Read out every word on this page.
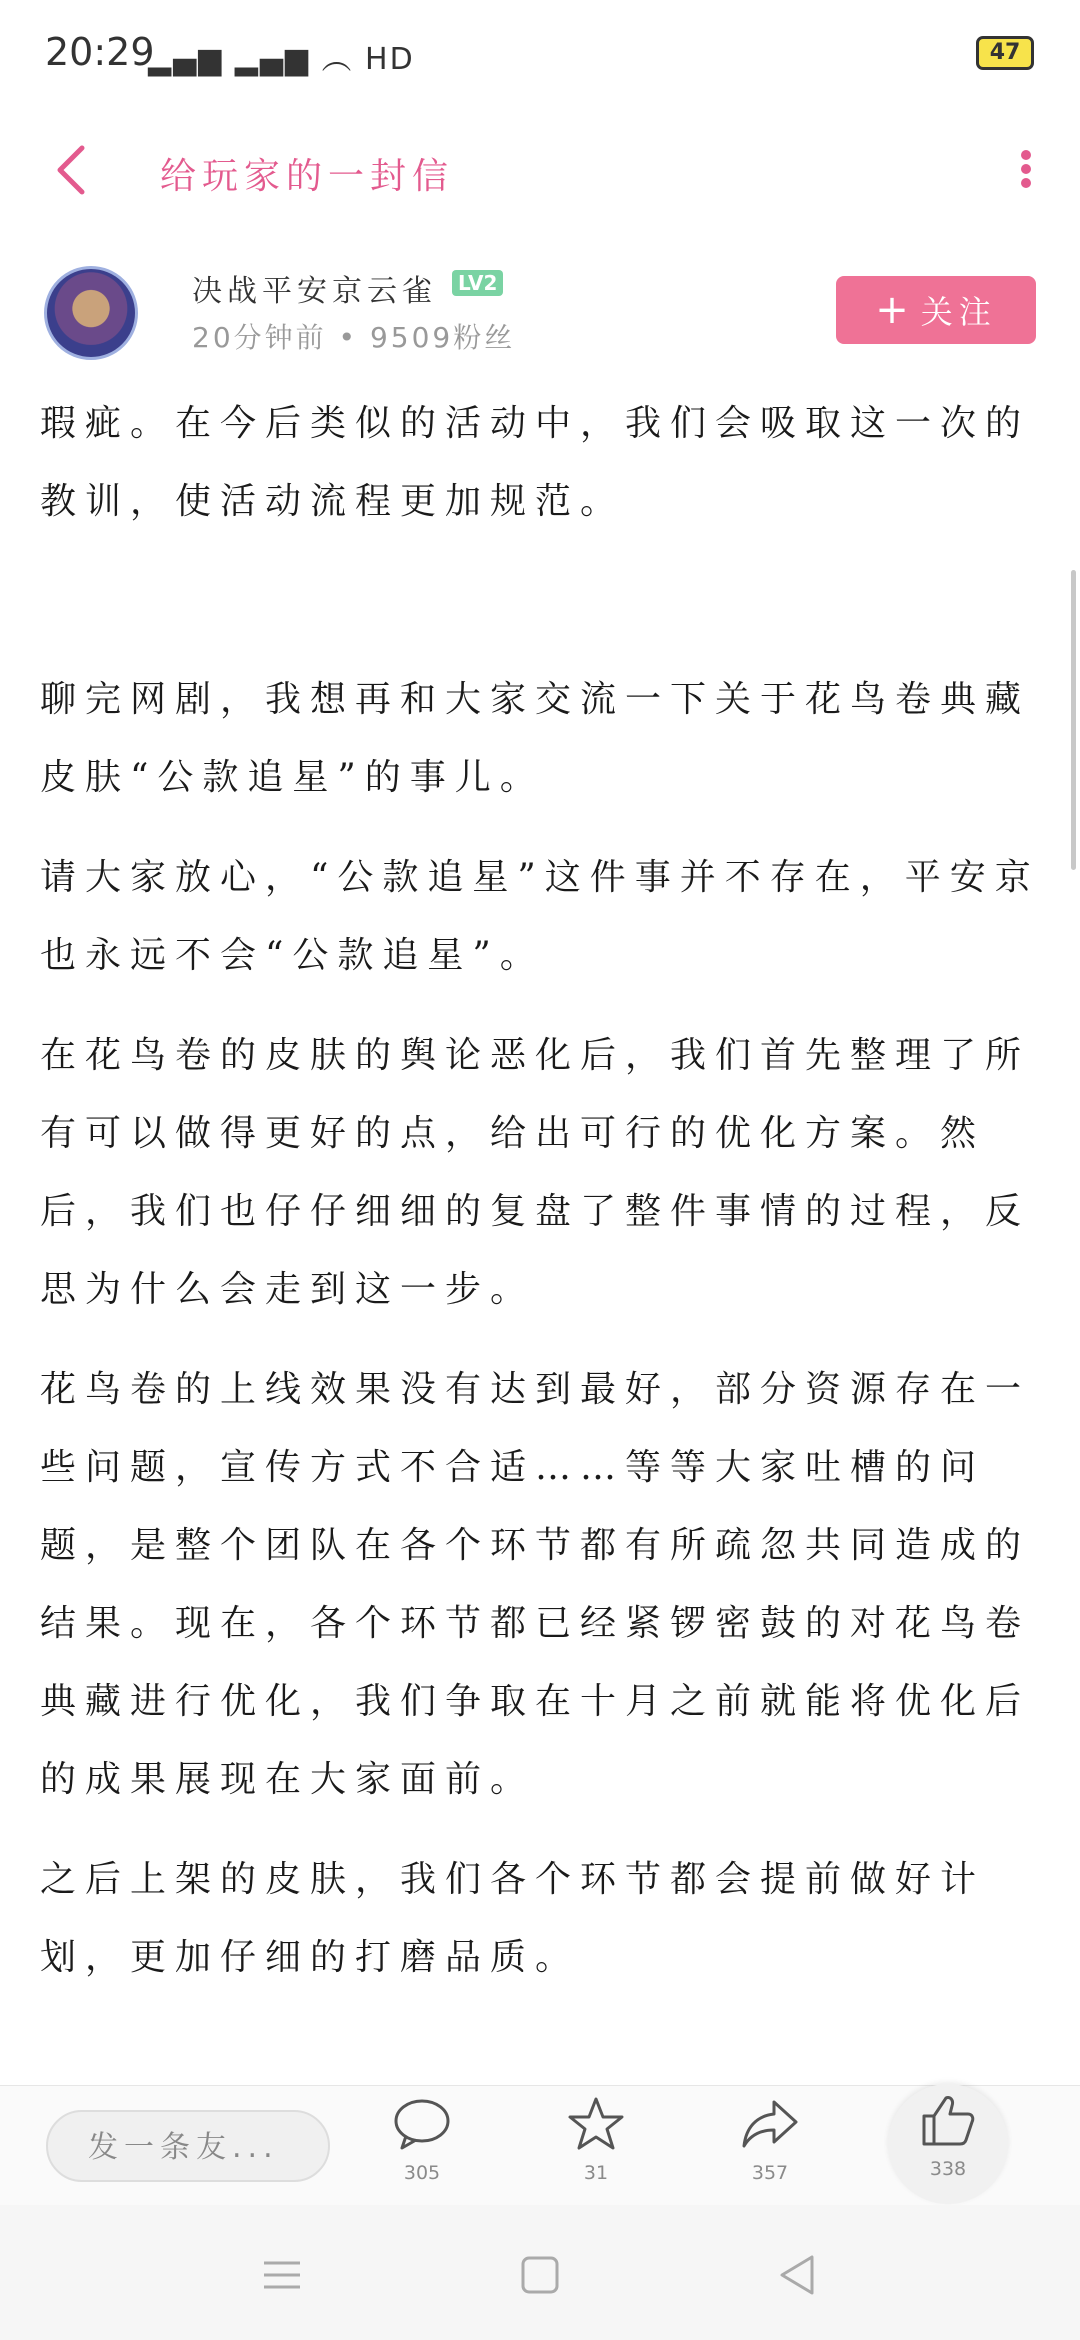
20:29
▂▄▆ ▂▄▆ ︵ HD	47
给玩家的一封信
决战平安京云雀	LV2
20分钟前 • 9509粉丝
+ 关注

瑕疵。在今后类似的活动中，我们会吸取这一次的教训，使活动流程更加规范。

聊完网剧，我想再和大家交流一下关于花鸟卷典藏皮肤“公款追星”的事儿。

请大家放心，“公款追星”这件事并不存在，平安京也永远不会“公款追星”。

在花鸟卷的皮肤的舆论恶化后，我们首先整理了所有可以做得更好的点，给出可行的优化方案。然后，我们也仔仔细细的复盘了整件事情的过程，反思为什么会走到这一步。

花鸟卷的上线效果没有达到最好，部分资源存在一些问题，宣传方式不合适……等等大家吐槽的问题，是整个团队在各个环节都有所疏忽共同造成的结果。现在，各个环节都已经紧锣密鼓的对花鸟卷典藏进行优化，我们争取在十月之前就能将优化后的成果展现在大家面前。

之后上架的皮肤，我们各个环节都会提前做好计划，更加仔细的打磨品质。

发一条友...
305	31	357	338
